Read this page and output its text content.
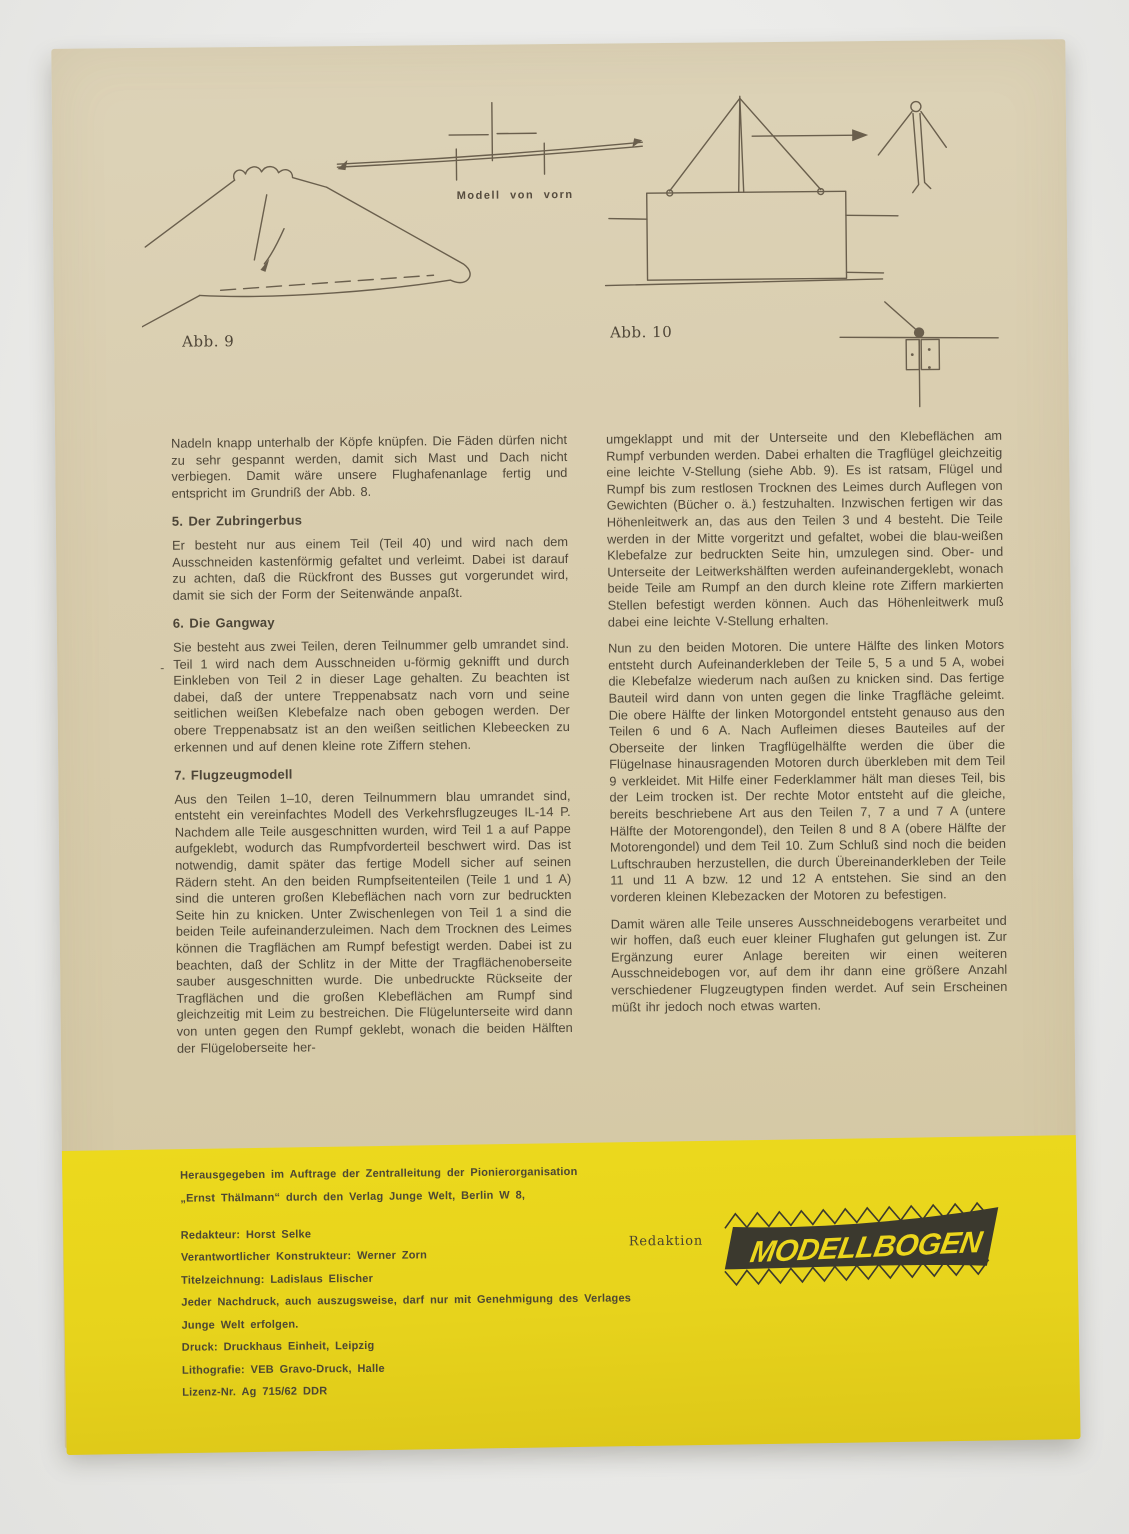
Abb. 9	Abb. 10
Modell von vorn

Nadeln knapp unterhalb der Köpfe knüpfen. Die Fäden dürfen nicht zu sehr gespannt werden, damit sich Mast und Dach nicht verbiegen. Damit wäre unsere Flughafenanlage fertig und entspricht im Grundriß der Abb. 8.

5. Der Zubringerbus

Er besteht nur aus einem Teil (Teil 40) und wird nach dem Ausschneiden kastenförmig gefaltet und verleimt. Dabei ist darauf zu achten, daß die Rückfront des Busses gut vorgerundet wird, damit sie sich der Form der Seitenwände anpaßt.

6. Die Gangway

Sie besteht aus zwei Teilen, deren Teilnummer gelb umrandet sind. Teil 1 wird nach dem Ausschneiden u-förmig geknifft und durch Einkleben von Teil 2 in dieser Lage gehalten. Zu beachten ist dabei, daß der untere Treppenabsatz nach vorn und seine seitlichen weißen Klebefalze nach oben gebogen werden. Der obere Treppenabsatz ist an den weißen seitlichen Klebeecken zu erkennen und auf denen kleine rote Ziffern stehen.

7. Flugzeugmodell

Aus den Teilen 1–10, deren Teilnummern blau umrandet sind, entsteht ein vereinfachtes Modell des Verkehrsflugzeuges IL-14 P. Nachdem alle Teile ausgeschnitten wurden, wird Teil 1 a auf Pappe aufgeklebt, wodurch das Rumpfvorderteil beschwert wird. Das ist notwendig, damit später das fertige Modell sicher auf seinen Rädern steht. An den beiden Rumpfseitenteilen (Teile 1 und 1 A) sind die unteren großen Klebeflächen nach vorn zur bedruckten Seite hin zu knicken. Unter Zwischenlegen von Teil 1 a sind die beiden Teile aufeinanderzuleimen. Nach dem Trocknen des Leimes können die Tragflächen am Rumpf befestigt werden. Dabei ist zu beachten, daß der Schlitz in der Mitte der Tragflächenoberseite sauber ausgeschnitten wurde. Die unbedruckte Rückseite der Tragflächen und die großen Klebeflächen am Rumpf sind gleichzeitig mit Leim zu bestreichen. Die Flügelunterseite wird dann von unten gegen den Rumpf geklebt, wonach die beiden Hälften der Flügeloberseite her-

-

umgeklappt und mit der Unterseite und den Klebeflächen am Rumpf verbunden werden. Dabei erhalten die Tragflügel gleichzeitig eine leichte V-Stellung (siehe Abb. 9). Es ist ratsam, Flügel und Rumpf bis zum restlosen Trocknen des Leimes durch Auflegen von Gewichten (Bücher o. ä.) festzuhalten. Inzwischen fertigen wir das Höhenleitwerk an, das aus den Teilen 3 und 4 besteht. Die Teile werden in der Mitte vorgeritzt und gefaltet, wobei die blau-weißen Klebefalze zur bedruckten Seite hin, umzulegen sind. Ober- und Unterseite der Leitwerkshälften werden aufeinandergeklebt, wonach beide Teile am Rumpf an den durch kleine rote Ziffern markierten Stellen befestigt werden können. Auch das Höhenleitwerk muß dabei eine leichte V-Stellung erhalten.

Nun zu den beiden Motoren. Die untere Hälfte des linken Motors entsteht durch Aufeinanderkleben der Teile 5, 5 a und 5 A, wobei die Klebefalze wiederum nach außen zu knicken sind. Das fertige Bauteil wird dann von unten gegen die linke Tragfläche geleimt. Die obere Hälfte der linken Motorgondel entsteht genauso aus den Teilen 6 und 6 A. Nach Aufleimen dieses Bauteiles auf der Oberseite der linken Tragflügelhälfte werden die über die Flügelnase hinausragenden Motoren durch überkleben mit dem Teil 9 verkleidet. Mit Hilfe einer Federklammer hält man dieses Teil, bis der Leim trocken ist. Der rechte Motor entsteht auf die gleiche, bereits beschriebene Art aus den Teilen 7, 7 a und 7 A (untere Hälfte der Motorengondel), den Teilen 8 und 8 A (obere Hälfte der Motorengondel) und dem Teil 10. Zum Schluß sind noch die beiden Luftschrauben herzustellen, die durch Übereinanderkleben der Teile 11 und 11 A bzw. 12 und 12 A entstehen. Sie sind an den vorderen kleinen Klebezacken der Motoren zu befestigen.

Damit wären alle Teile unseres Ausschneidebogens verarbeitet und wir hoffen, daß euch euer kleiner Flughafen gut gelungen ist. Zur Ergänzung eurer Anlage bereiten wir einen weiteren Ausschneidebogen vor, auf dem ihr dann eine größere Anzahl verschiedener Flugzeugtypen finden werdet. Auf sein Erscheinen müßt ihr jedoch noch etwas warten.

Herausgegeben im Auftrage der Zentralleitung der Pionierorganisation
„Ernst Thälmann“ durch den Verlag Junge Welt, Berlin W 8,
Redakteur: Horst Selke
Verantwortlicher Konstrukteur: Werner Zorn
Titelzeichnung: Ladislaus Elischer
Jeder Nachdruck, auch auszugsweise, darf nur mit Genehmigung des Verlages
Junge Welt erfolgen.
Druck: Druckhaus Einheit, Leipzig
Lithografie: VEB Gravo-Druck, Halle
Lizenz-Nr. Ag 715/62 DDR
Redaktion MODELLBOGEN
